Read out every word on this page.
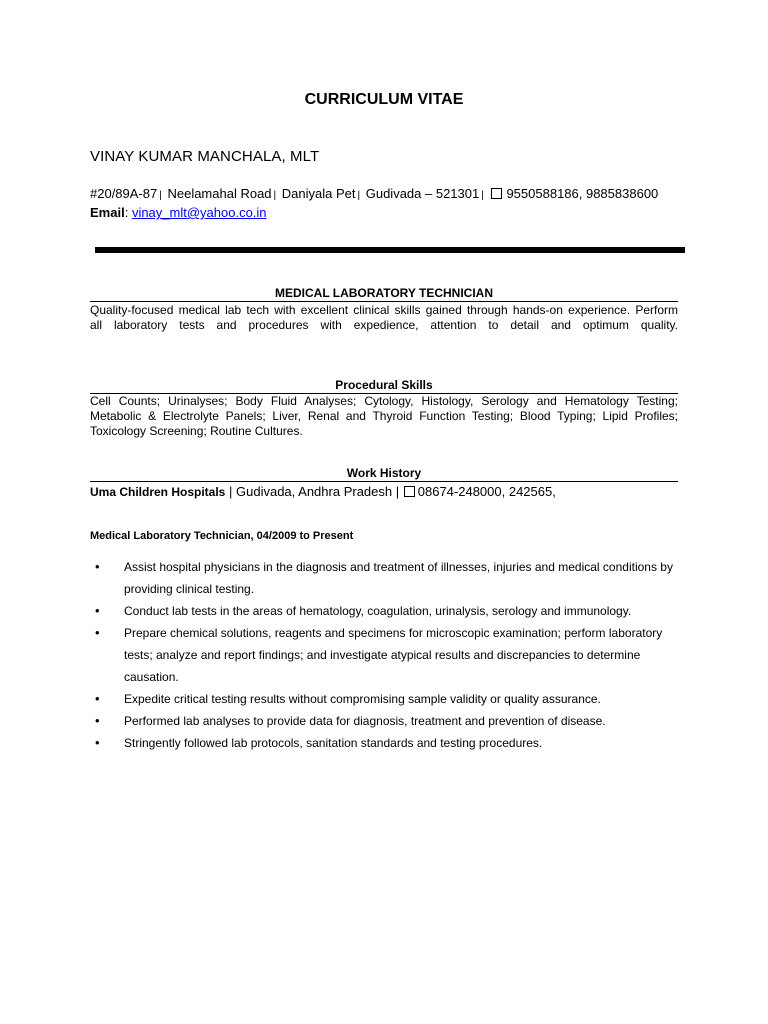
CURRICULUM VITAE
VINAY KUMAR MANCHALA, MLT
#20/89A-87 | Neelamahal Road | Daniyala Pet | Gudivada – 521301 | 9550588186, 9885838600
Email: vinay_mlt@yahoo.co.in
MEDICAL LABORATORY TECHNICIAN
Quality-focused medical lab tech with excellent clinical skills gained through hands-on experience. Perform
all laboratory tests and procedures with expedience, attention to detail and optimum quality.
Procedural Skills
Cell Counts; Urinalyses; Body Fluid Analyses; Cytology, Histology, Serology and Hematology Testing; Metabolic & Electrolyte Panels; Liver, Renal and Thyroid Function Testing; Blood Typing; Lipid Profiles; Toxicology Screening; Routine Cultures.
Work History
Uma Children Hospitals | Gudivada, Andhra Pradesh | 08674-248000, 242565,
Medical Laboratory Technician, 04/2009 to Present
• Assist hospital physicians in the diagnosis and treatment of illnesses, injuries and medical conditions by providing clinical testing.
• Conduct lab tests in the areas of hematology, coagulation, urinalysis, serology and immunology.
• Prepare chemical solutions, reagents and specimens for microscopic examination; perform laboratory tests; analyze and report findings; and investigate atypical results and discrepancies to determine causation.
• Expedite critical testing results without compromising sample validity or quality assurance.
• Performed lab analyses to provide data for diagnosis, treatment and prevention of disease.
• Stringently followed lab protocols, sanitation standards and testing procedures.
